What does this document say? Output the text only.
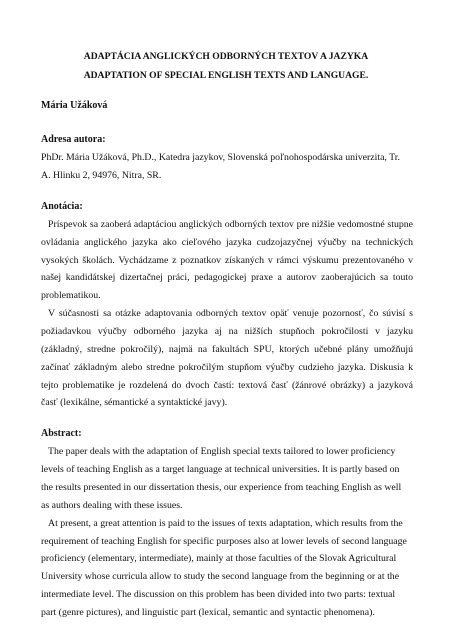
ADAPTÁCIA ANGLICKÝCH ODBORNÝCH TEXTOV A JAZYKA
ADAPTATION OF SPECIAL ENGLISH TEXTS AND LANGUAGE.
Mária Užáková
Adresa autora:
PhDr. Mária Užáková, Ph.D., Katedra jazykov, Slovenská poľnohospodárska univerzita, Tr.
A. Hlinku 2, 94976, Nitra, SR.
Anotácia:
Príspevok sa zaoberá adaptáciou anglických odborných textov pre nižšie vedomostné stupne
ovládania anglického jazyka ako cieľového jazyka cudzojazyčnej výučby na technických
vysokých školách. Vychádzame z poznatkov získaných v rámci výskumu prezentovaného v
našej kandidátskej dizertačnej práci, pedagogickej praxe a autorov zaoberajúcich sa touto
problematikou.
V súčasnosti sa otázke adaptovania odborných textov opäť venuje pozornosť, čo súvisí s
požiadavkou výučby odborného jazyka aj na nižších stupňoch pokročilosti v jazyku
(základný, stredne pokročilý), najmä na fakultách SPU, ktorých učebné plány umožňujú
začínať základným alebo stredne pokročilým stupňom výučby cudzieho jazyka. Diskusia k
tejto problematike je rozdelená do dvoch častí: textová časť (žánrové obrázky) a jazyková
časť (lexikálne, sémantické a syntaktické javy).
Abstract:
The paper deals with the adaptation of English special texts tailored to lower proficiency
levels of teaching English as a target language at technical universities. It is partly based on
the results presented in our dissertation thesis, our experience from teaching English as well
as authors dealing with these issues.
At present, a great attention is paid to the issues of texts adaptation, which results from the
requirement of teaching English for specific purposes also at lower levels of second language
proficiency (elementary, intermediate), mainly at those faculties of the Slovak Agricultural
University whose curricula allow to study the second language from the beginning or at the
intermediate level. The discussion on this problem has been divided into two parts: textual
part (genre pictures), and linguistic part (lexical, semantic and syntactic phenomena).
